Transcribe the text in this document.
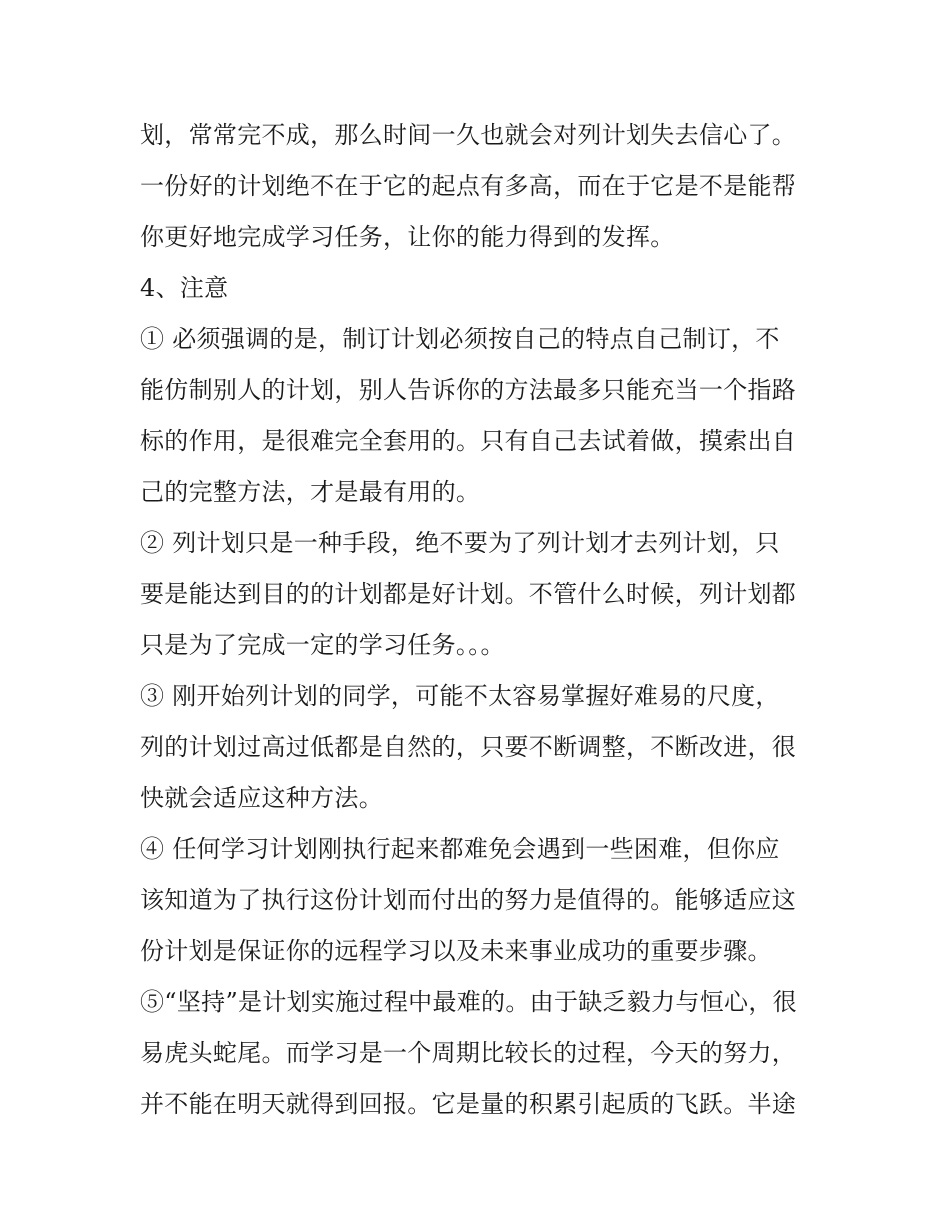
划，常常完不成，那么时间一久也就会对列计划失去信心了。
一份好的计划绝不在于它的起点有多高，而在于它是不是能帮
你更好地完成学习任务，让你的能力得到的发挥。
4、注意
① 必须强调的是，制订计划必须按自己的特点自己制订，不
能仿制别人的计划，别人告诉你的方法最多只能充当一个指路
标的作用，是很难完全套用的。只有自己去试着做，摸索出自
己的完整方法，才是最有用的。
② 列计划只是一种手段，绝不要为了列计划才去列计划，只
要是能达到目的的计划都是好计划。不管什么时候，列计划都
只是为了完成一定的学习任务。。。
③ 刚开始列计划的同学，可能不太容易掌握好难易的尺度，
列的计划过高过低都是自然的，只要不断调整，不断改进，很
快就会适应这种方法。
④ 任何学习计划刚执行起来都难免会遇到一些困难，但你应
该知道为了执行这份计划而付出的努力是值得的。能够适应这
份计划是保证你的远程学习以及未来事业成功的重要步骤。
⑤“坚持”是计划实施过程中最难的。由于缺乏毅力与恒心，很
易虎头蛇尾。而学习是一个周期比较长的过程，今天的努力，
并不能在明天就得到回报。它是量的积累引起质的飞跃。半途
